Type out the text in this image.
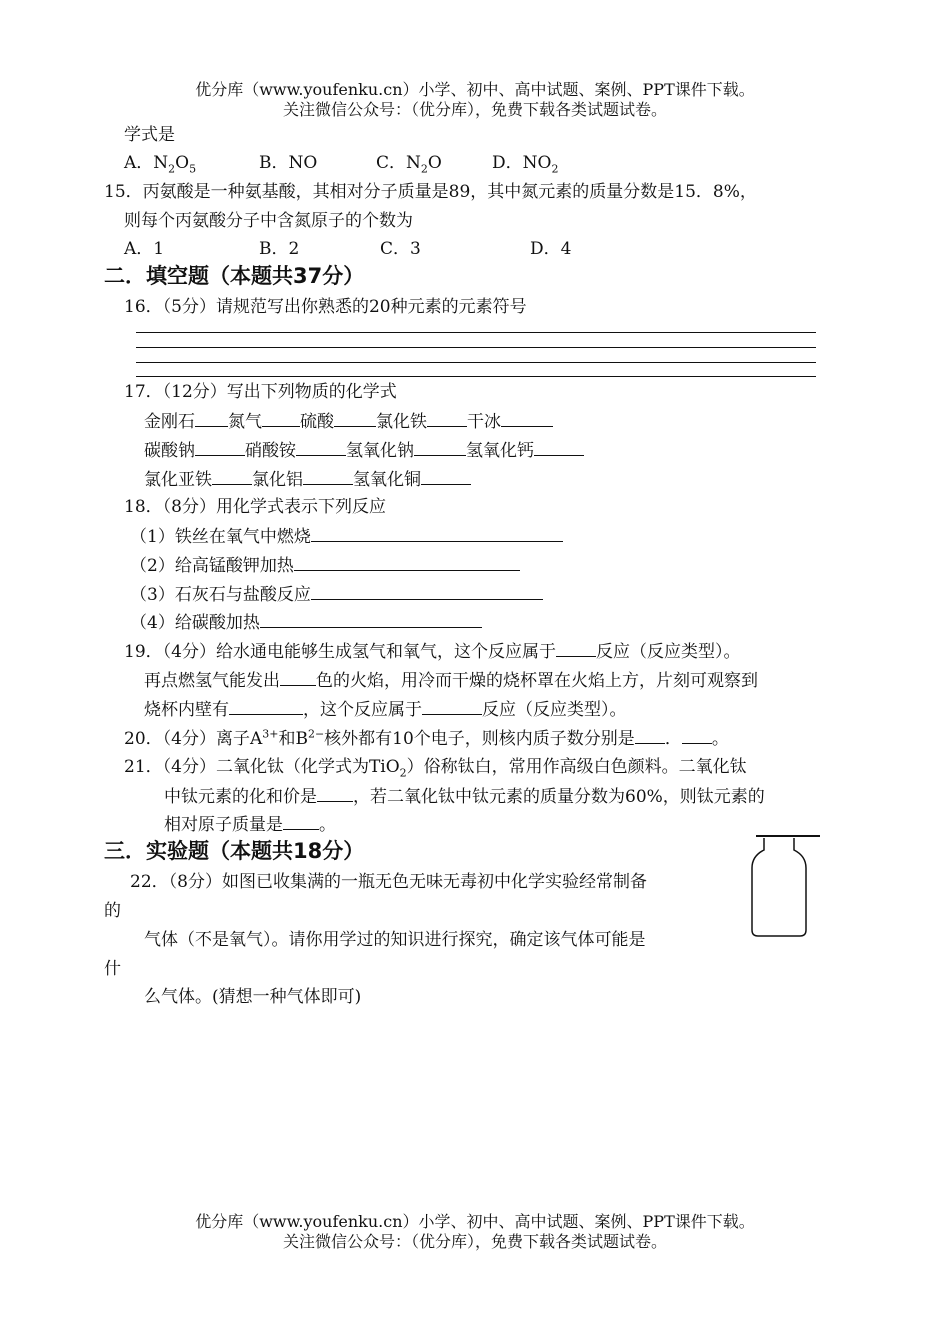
优分库（www.youfenku.cn）小学、初中、高中试题、案例、PPT课件下载。
关注微信公众号：（优分库），免费下载各类试题试卷。
学式是
A．$N_2O_5$	B．NO	C．$N_2O$	D．$NO_2$
15．丙氨酸是一种氨基酸，其相对分子质量是89，其中氮元素的质量分数是15．8%，
则每个丙氨酸分子中含氮原子的个数为
A．1	B．2	C．3	D．4
二．填空题（本题共37分）
16．（5分）请规范写出你熟悉的20种元素的元素符号
17．（12分）写出下列物质的化学式
金刚石 氮气 硫酸 氯化铁 干冰
碳酸钠	硝酸铵	氢氧化钠	氢氧化钙
氯化亚铁 氯化铝	氢氧化铜
18．（8分）用化学式表示下列反应
（1）铁丝在氧气中燃烧
（2）给高锰酸钾加热
（3）石灰石与盐酸反应
（4）给碳酸加热
19．（4分）给水通电能够生成氢气和氧气，这个反应属于 反应（反应类型）。
再点燃氢气能发出 色的火焰，用冷而干燥的烧杯罩在火焰上方，片刻可观察到
烧杯内壁有	，这个反应属于	反应（反应类型）。
20．（4分）离子$A^{3+}$和$B^{2-}$核外都有10个电子，则核内质子数分别是 ． 。
21．（4分）二氧化钛（化学式为TiO$_2$）俗称钛白，常用作高级白色颜料。二氧化钛
中钛元素的化和价是 ，若二氧化钛中钛元素的质量分数为60%，则钛元素的
相对原子质量是 。
三．实验题（本题共18分）
22．（8分）如图已收集满的一瓶无色无味无毒初中化学实验经常制备
的
气体（不是氧气）。请你用学过的知识进行探究，确定该气体可能是
什
么气体。(猜想一种气体即可)
优分库（www.youfenku.cn）小学、初中、高中试题、案例、PPT课件下载。
关注微信公众号：（优分库），免费下载各类试题试卷。
